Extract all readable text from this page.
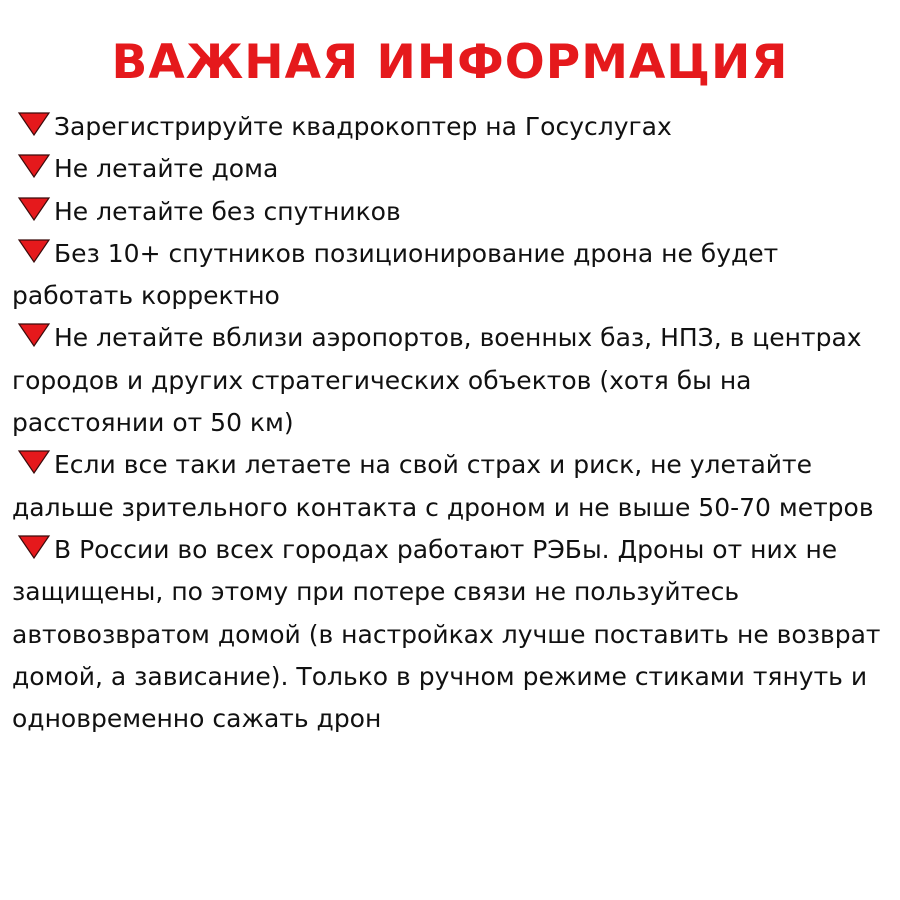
ВАЖНАЯ ИНФОРМАЦИЯ
Зарегистрируйте квадрокоптер на Госуслугах
Не летайте дома
Не летайте без спутников
Без 10+ спутников позиционирование дрона не будет работать корректно
Не летайте вблизи аэропортов, военных баз, НПЗ, в центрах городов и других стратегических объектов (хотя бы на расстоянии от 50 км)
Если все таки летаете на свой страх и риск, не улетайте дальше зрительного контакта с дроном и не выше 50-70 метров
В России во всех городах работают РЭБы. Дроны от них не защищены, по этому при потере связи не пользуйтесь автовозвратом домой (в настройках лучше поставить не возврат домой, а зависание). Только в ручном режиме стиками тянуть и одновременно сажать дрон
